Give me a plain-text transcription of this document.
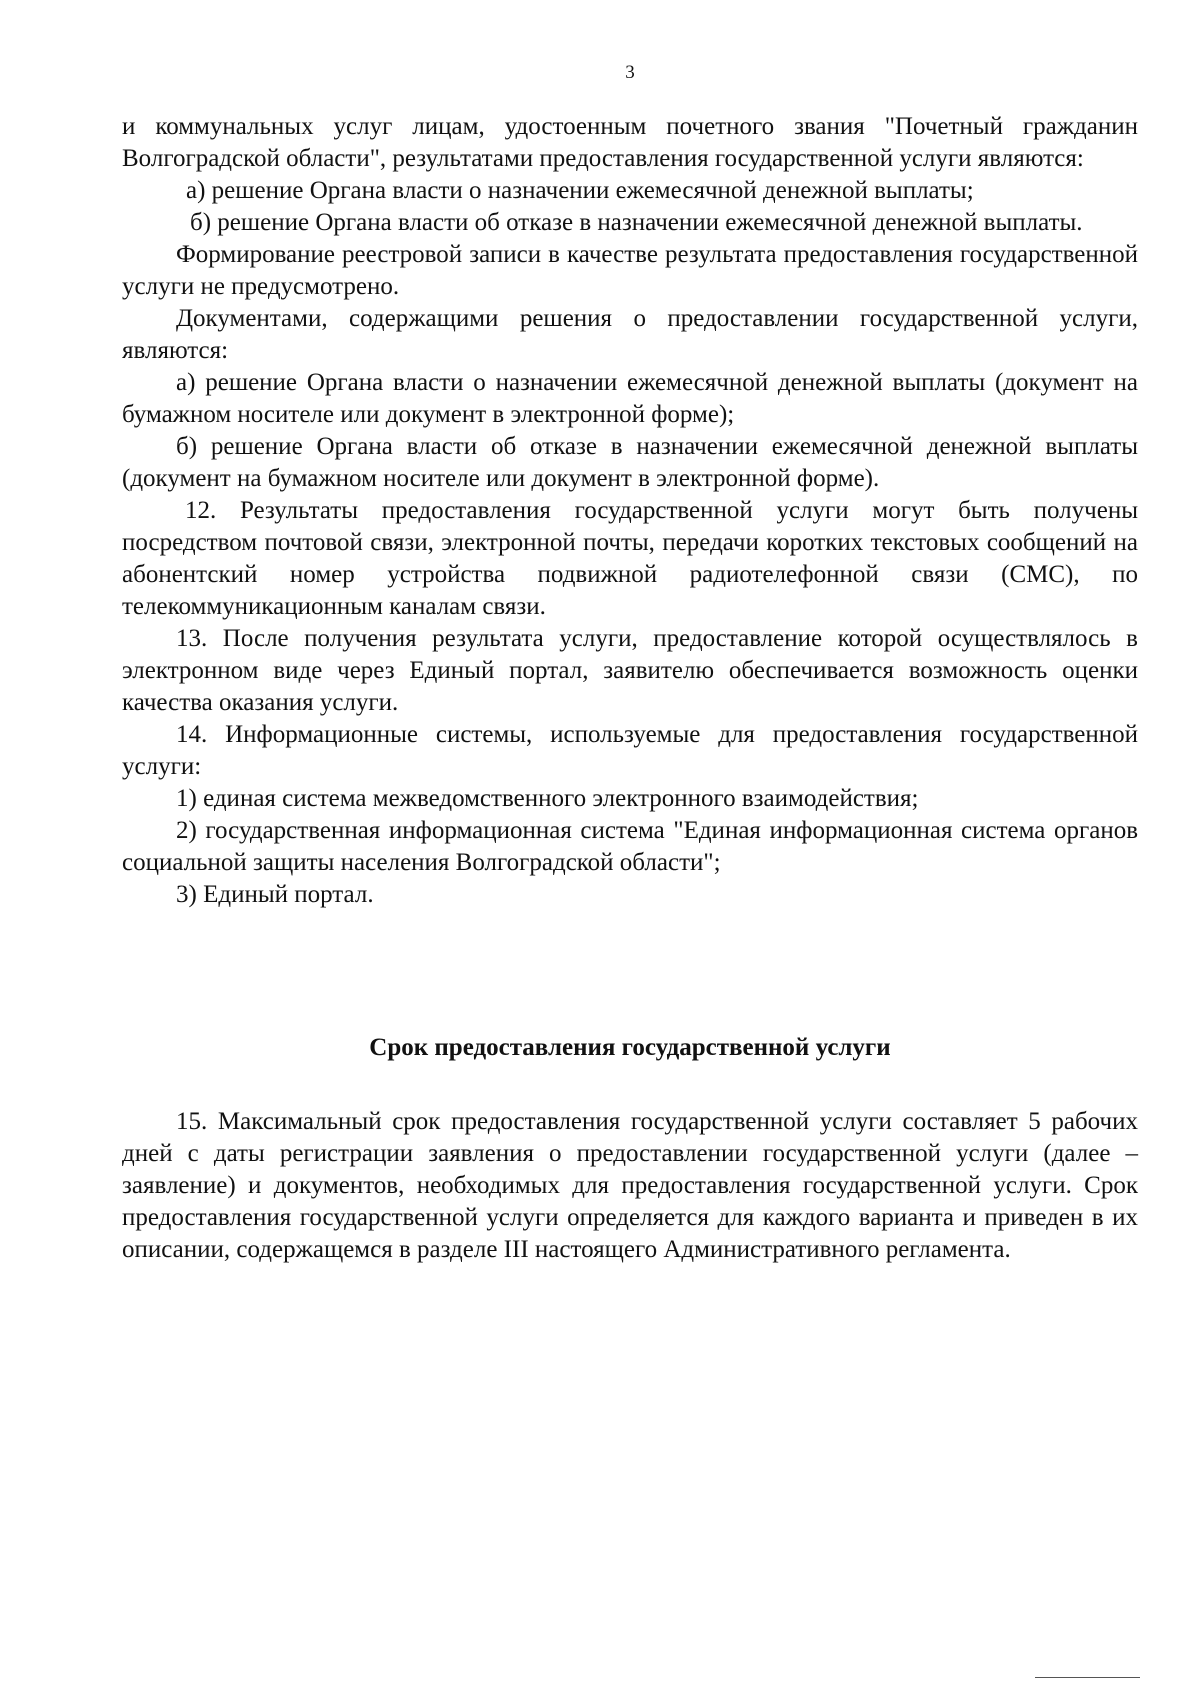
3

и коммунальных услуг лицам, удостоенным почетного звания "Почетный гражданин Волгоградской области", результатами предоставления государственной услуги являются:

а) решение Органа власти о назначении ежемесячной денежной выплаты;

б) решение Органа власти об отказе в назначении ежемесячной денежной выплаты.

Формирование реестровой записи в качестве результата предоставления государственной услуги не предусмотрено.

Документами, содержащими решения о предоставлении государственной услуги, являются:

а) решение Органа власти о назначении ежемесячной денежной выплаты (документ на бумажном носителе или документ в электронной форме);

б) решение Органа власти об отказе в назначении ежемесячной денежной выплаты (документ на бумажном носителе или документ в электронной форме).

12. Результаты предоставления государственной услуги могут быть получены посредством почтовой связи, электронной почты, передачи коротких текстовых сообщений на абонентский номер устройства подвижной радиотелефонной связи (СМС), по телекоммуникационным каналам связи.

13. После получения результата услуги, предоставление которой осуществлялось в электронном виде через Единый портал, заявителю обеспечивается возможность оценки качества оказания услуги.

14. Информационные системы, используемые для предоставления государственной услуги:

1) единая система межведомственного электронного взаимодействия;

2) государственная информационная система "Единая информационная система органов социальной защиты населения Волгоградской области";

3) Единый портал.

Срок предоставления государственной услуги

15. Максимальный срок предоставления государственной услуги составляет 5 рабочих дней с даты регистрации заявления о предоставлении государственной услуги (далее – заявление) и документов, необходимых для предоставления государственной услуги. Срок предоставления государственной услуги определяется для каждого варианта и приведен в их описании, содержащемся в разделе III настоящего Административного регламента.
